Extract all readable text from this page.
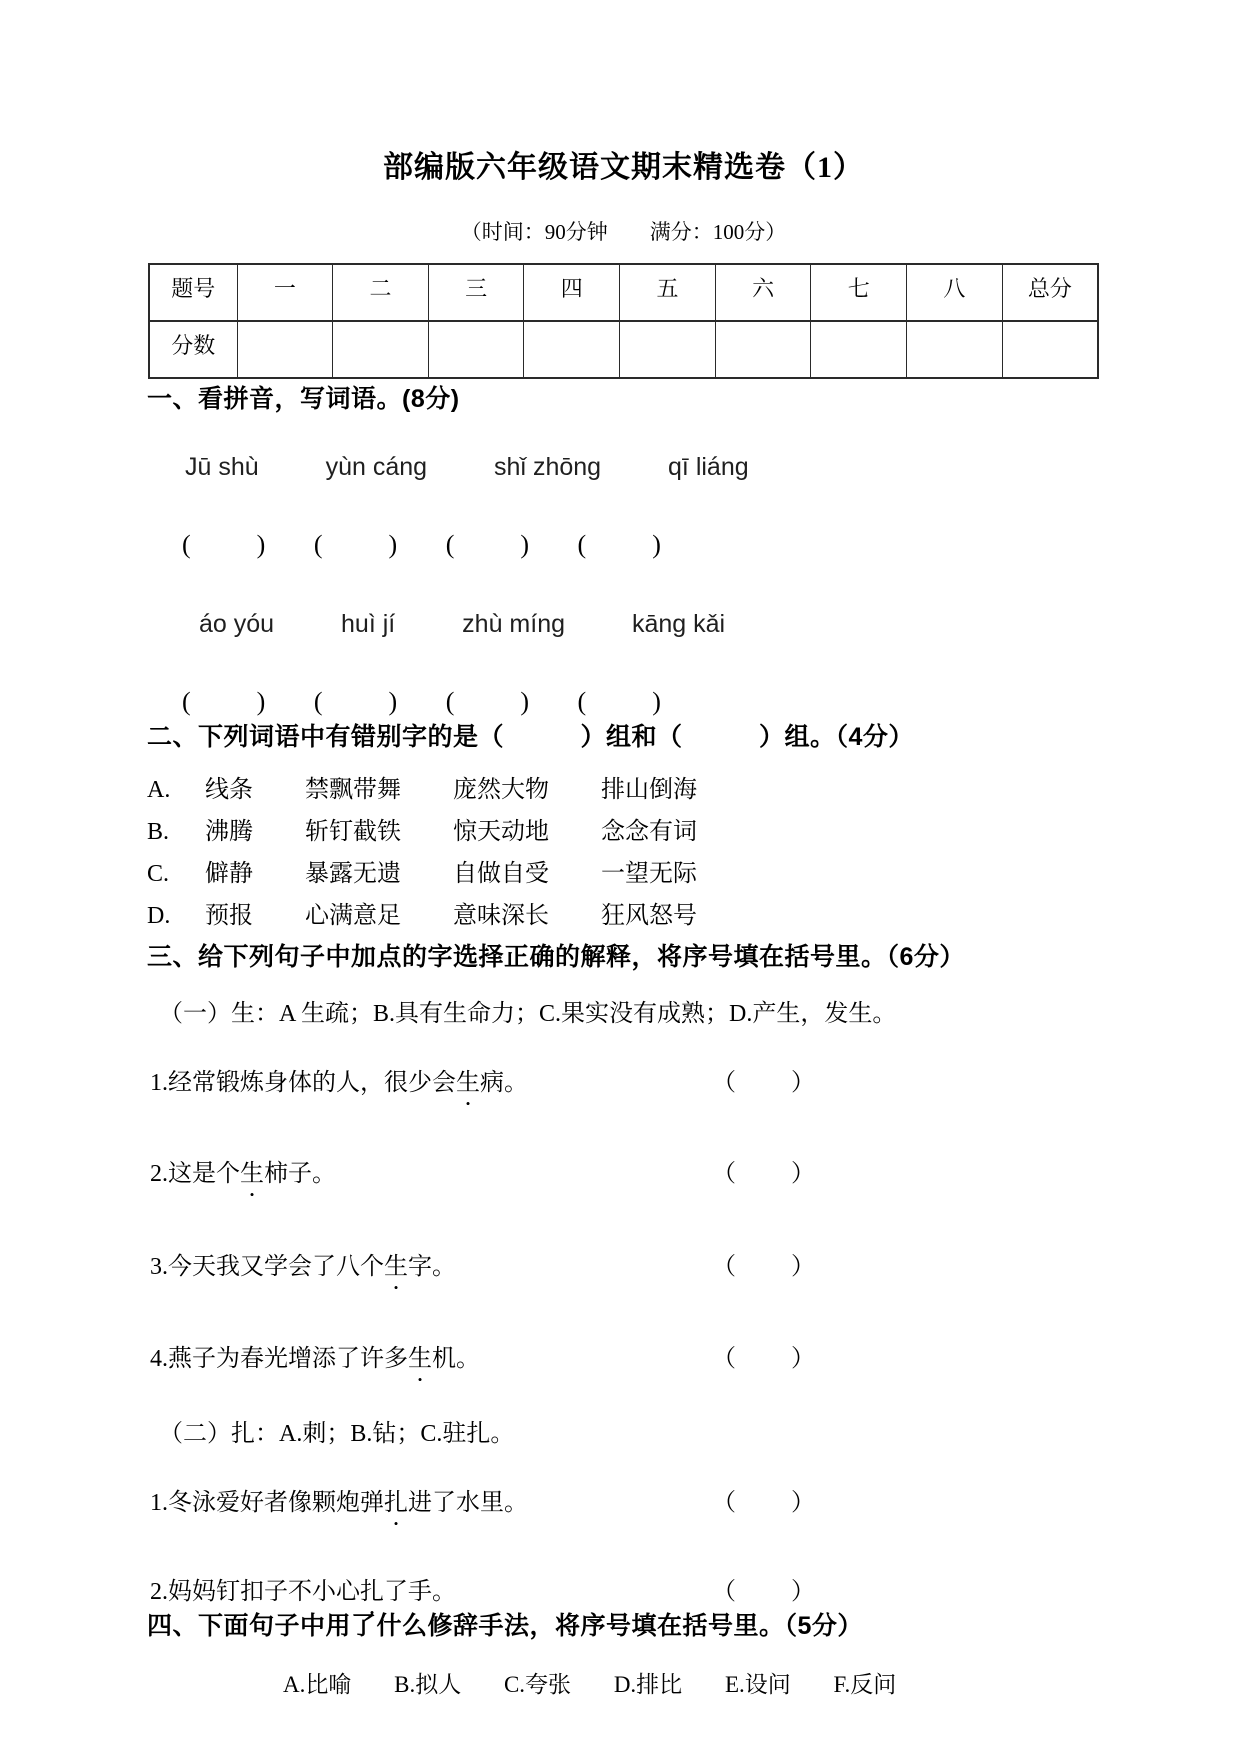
部编版六年级语文期末精选卷（1）
（时间：90分钟　　满分：100分）
题号	一	二	三	四	五	六	七	八	总分
分数									
一、看拼音，写词语。(8分)
Jū shù	yùn cáng	shǐ zhōng	qī liáng
(	) (	) (	) (	)
áo yóu	huì jí	zhù míng	kāng kǎi
(	) (	) (	) (	)
二、下列词语中有错别字的是（　　　）组和（　　　）组。（4分）
A. 线条 禁飘带舞 庞然大物 排山倒海
B. 沸腾 斩钉截铁 惊天动地 念念有词
C. 僻静 暴露无遗 自做自受 一望无际
D. 预报 心满意足 意味深长 狂风怒号
三、给下列句子中加点的字选择正确的解释，将序号填在括号里。（6分）
（一）生：A 生疏；B.具有生命力；C.果实没有成熟；D.产生，发生。
1.经常锻炼身体的人，很少会生病。	（ ）
2.这是个生柿子。	（ ）
3.今天我又学会了八个生字。	（ ）
4.燕子为春光增添了许多生机。	（ ）
（二）扎：A.刺；B.钻；C.驻扎。
1.冬泳爱好者像颗炮弹扎进了水里。	（ ）
2.妈妈钉扣子不小心扎了手。	（ ）
四、下面句子中用了什么修辞手法，将序号填在括号里。（5分）
A.比喻 B.拟人 C.夸张 D.排比 E.设问 F.反问
